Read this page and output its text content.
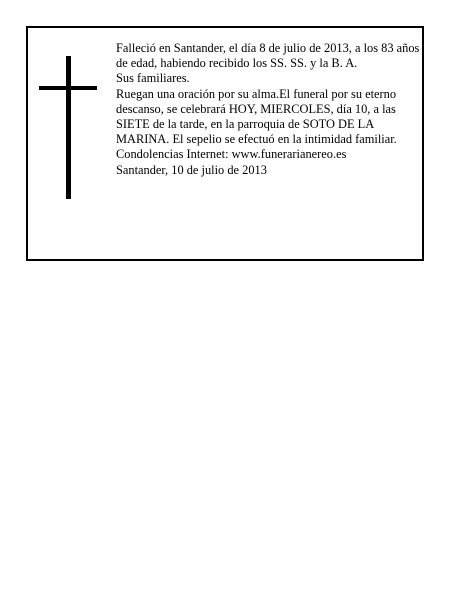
Falleció en Santander, el día 8 de julio de 2013, a los 83 años de edad, habiendo recibido los SS. SS. y la B. A.

Sus familiares.

Ruegan una oración por su alma.El funeral por su eterno descanso, se celebrará HOY, MIERCOLES, día 10, a las SIETE de la tarde, en la parroquia de SOTO DE LA MARINA. El sepelio se efectuó en la intimidad familiar.

Condolencias Internet: www.funerarianereo.es

Santander, 10 de julio de 2013
